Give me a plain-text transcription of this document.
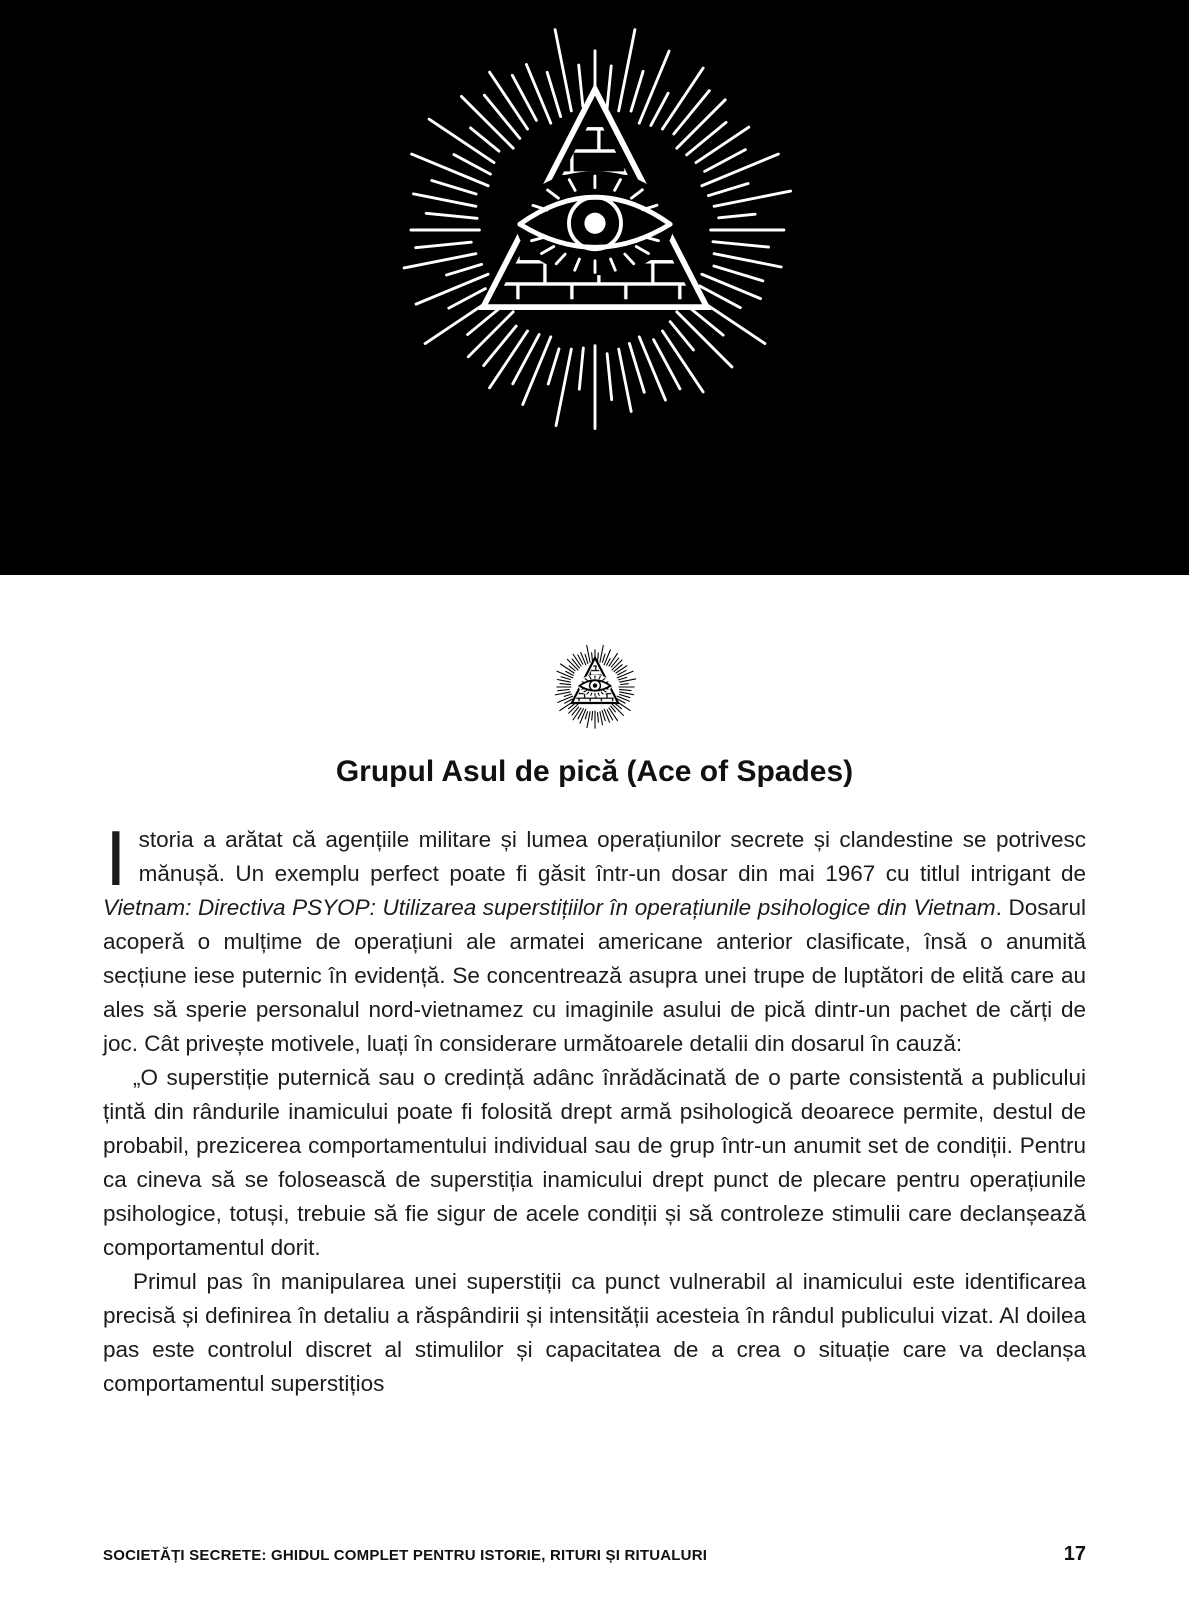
Grupul Asul de pică (Ace of Spades)

Istoria a arătat că agențiile militare și lumea operațiunilor secrete și clandestine se potrivesc mănușă. Un exemplu perfect poate fi găsit într-un dosar din mai 1967 cu titlul intrigant de Vietnam: Directiva PSYOP: Utilizarea superstițiilor în operațiunile psihologice din Vietnam. Dosarul acoperă o mulțime de operațiuni ale armatei americane anterior clasificate, însă o anumită secțiune iese puternic în evidență. Se concentrează asupra unei trupe de luptători de elită care au ales să sperie personalul nord-vietnamez cu imaginile asului de pică dintr-un pachet de cărți de joc. Cât privește motivele, luați în considerare următoarele detalii din dosarul în cauză:

„O superstiție puternică sau o credință adânc înrădăcinată de o parte consistentă a publicului țintă din rândurile inamicului poate fi folosită drept armă psihologică deoarece permite, destul de probabil, prezicerea comportamentului individual sau de grup într-un anumit set de condiții. Pentru ca cineva să se folosească de superstiția inamicului drept punct de plecare pentru operațiunile psihologice, totuși, trebuie să fie sigur de acele condiții și să controleze stimulii care declanșează comportamentul dorit.

Primul pas în manipularea unei superstiții ca punct vulnerabil al inamicului este identificarea precisă și definirea în detaliu a răspândirii și intensității acesteia în rândul publicului vizat. Al doilea pas este controlul discret al stimulilor și capacitatea de a crea o situație care va declanșa comportamentul superstițios

SOCIETĂȚI SECRETE: GHIDUL COMPLET PENTRU ISTORIE, RITURI ȘI RITUALURI	17
